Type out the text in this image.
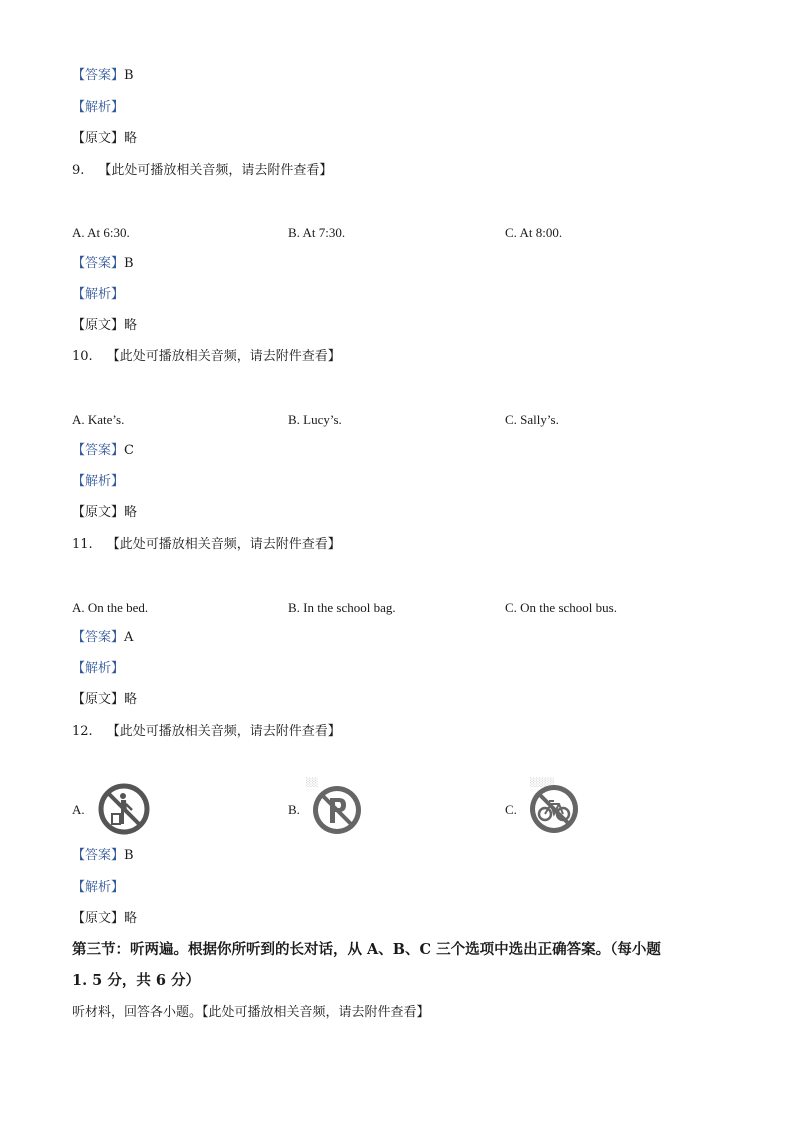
【答案】B
【解析】
【原文】略
9. 【此处可播放相关音频，请去附件查看】
A. At 6:30.	B. At 7:30.	C. At 8:00.
【答案】B
【解析】
【原文】略
10. 【此处可播放相关音频，请去附件查看】
A. Kate’s.	B. Lucy’s.	C. Sally’s.
【答案】C
【解析】
【原文】略
11. 【此处可播放相关音频，请去附件查看】
A. On the bed.	B. In the school bag.	C. On the school bus.
【答案】A
【解析】
【原文】略
12. 【此处可播放相关音频，请去附件查看】
A.	B.
░░
C.
░░░░
【答案】B
【解析】
【原文】略
第三节：听两遍。根据你所听到的长对话，从 A、B、C 三个选项中选出正确答案。（每小题
1. 5 分，共 6 分）
听材料，回答各小题。【此处可播放相关音频，请去附件查看】
